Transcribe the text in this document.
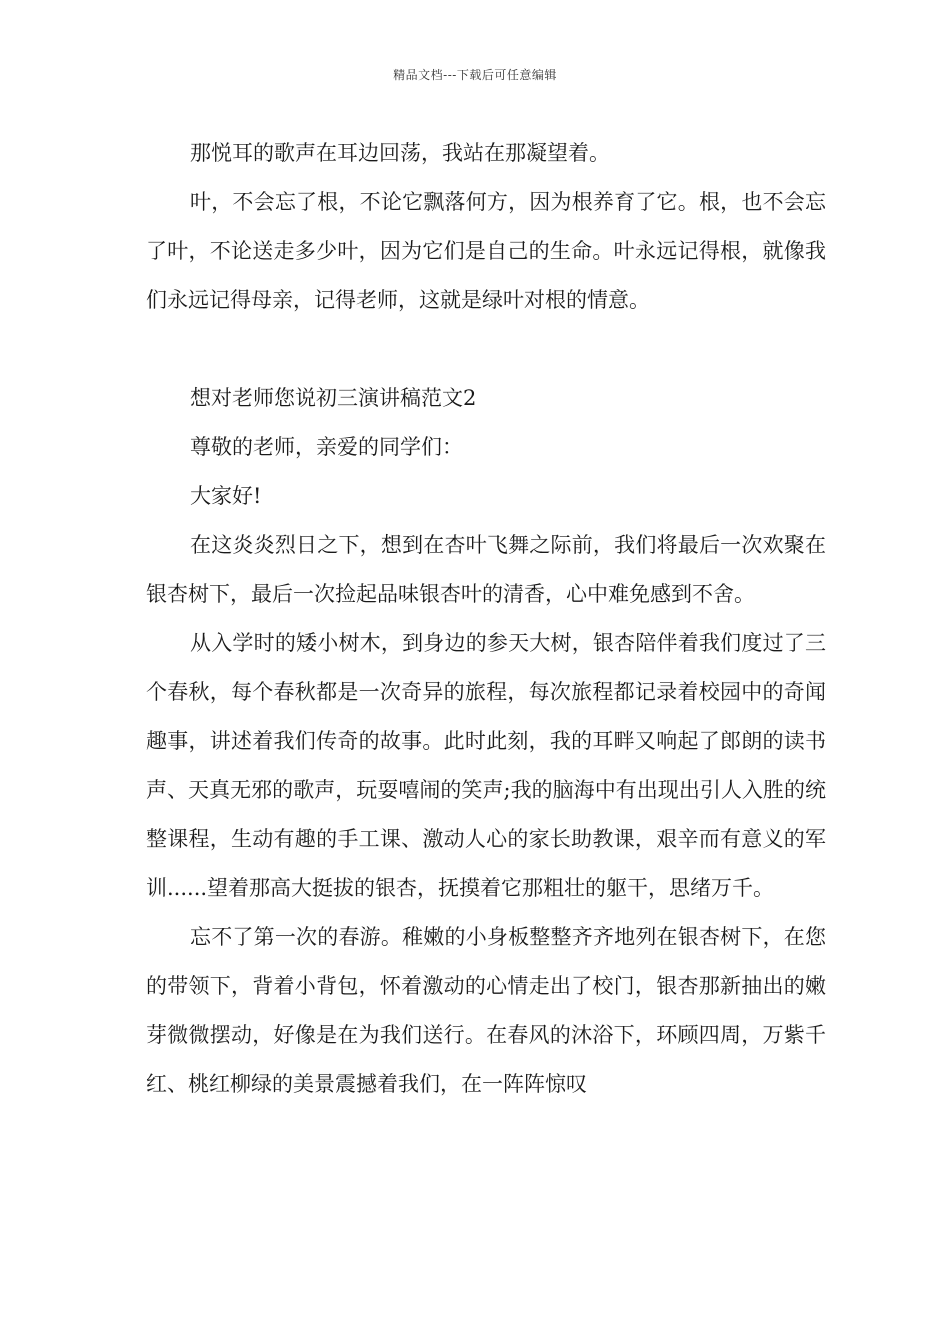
精品文档---下载后可任意编辑

那悦耳的歌声在耳边回荡，我站在那凝望着。

叶，不会忘了根，不论它飘落何方，因为根养育了它。根，也不会忘了叶，不论送走多少叶，因为它们是自己的生命。叶永远记得根，就像我们永远记得母亲，记得老师，这就是绿叶对根的情意。

想对老师您说初三演讲稿范文2

尊敬的老师，亲爱的同学们：

大家好!

在这炎炎烈日之下，想到在杏叶飞舞之际前，我们将最后一次欢聚在银杏树下，最后一次捡起品味银杏叶的清香，心中难免感到不舍。

从入学时的矮小树木，到身边的参天大树，银杏陪伴着我们度过了三个春秋，每个春秋都是一次奇异的旅程，每次旅程都记录着校园中的奇闻趣事，讲述着我们传奇的故事。此时此刻，我的耳畔又响起了郎朗的读书声、天真无邪的歌声，玩耍嘻闹的笑声;我的脑海中有出现出引人入胜的统整课程，生动有趣的手工课、激动人心的家长助教课，艰辛而有意义的军训......望着那高大挺拔的银杏，抚摸着它那粗壮的躯干，思绪万千。

忘不了第一次的春游。稚嫩的小身板整整齐齐地列在银杏树下，在您的带领下，背着小背包，怀着激动的心情走出了校门，银杏那新抽出的嫩芽微微摆动，好像是在为我们送行。在春风的沐浴下，环顾四周，万紫千红、桃红柳绿的美景震撼着我们，在一阵阵惊叹
